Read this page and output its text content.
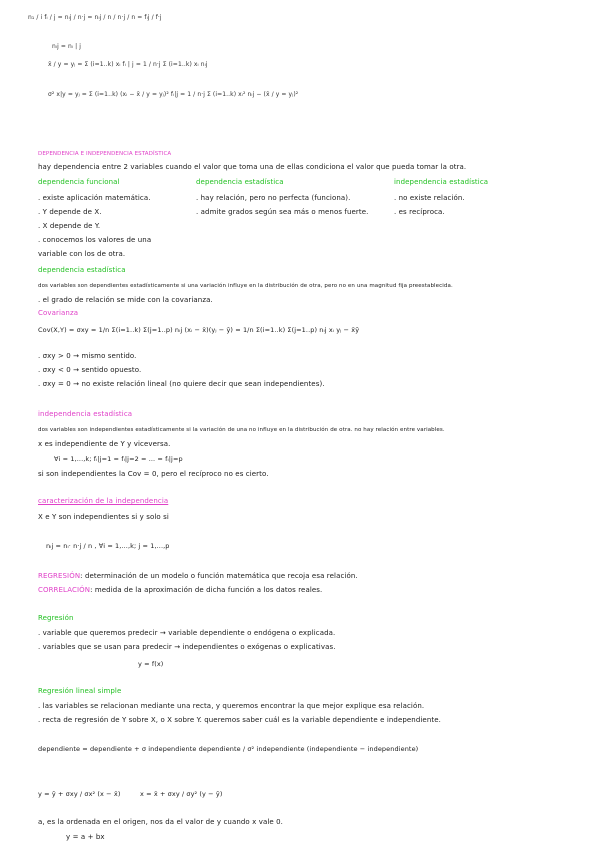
n₁ / i fᵢ / j = nᵢj / n·j = nᵢj / n / n·j / n = fᵢj / f·j
nᵢj = nᵢ | j
x̄ / y = yⱼ = Σ (i=1..k) xᵢ fᵢ | j = 1 / n·j Σ (i=1..k) xᵢ nᵢj
σ² x|y = yⱼ = Σ (i=1..k) (xᵢ − x̄ / y = yⱼ)² fᵢ|j = 1 / n·j Σ (i=1..k) xᵢ² nᵢj − (x̄ / y = yⱼ)²
DEPENDENCIA E INDEPENDENCIA ESTADÍSTICA
hay dependencia entre 2 variables cuando el valor que toma una de ellas condiciona el valor que pueda tomar la otra.
dependencia funcional
. existe aplicación matemática.
. Y depende de X.
. X depende de Y.
. conocemos los valores de una
variable con los de otra.
dependencia estadística
. hay relación, pero no perfecta (funciona).
. admite grados según sea más o menos fuerte.
independencia estadística
. no existe relación.
. es recíproca.
dependencia estadística
dos variables son dependientes estadísticamente si una variación influye en la distribución de otra, pero no en una magnitud fija preestablecida.
. el grado de relación se mide con la covarianza.
Covarianza
Cov(X,Y) = σxy = 1/n Σ(i=1..k) Σ(j=1..p) nᵢj (xᵢ − x̄)(yⱼ − ȳ) = 1/n Σ(i=1..k) Σ(j=1..p) nᵢj xᵢ yⱼ − x̄ȳ
. σxy > 0 → mismo sentido.
. σxy < 0 → sentido opuesto.
. σxy = 0 → no existe relación lineal (no quiere decir que sean independientes).
independencia estadística
dos variables son independientes estadísticamente si la variación de una no influye en la distribución de otra. no hay relación entre variables.
x es independiente de Y y viceversa.
∀i = 1,...,k; fᵢ|j=1 = fᵢ|j=2 = ... = fᵢ|j=p
si son independientes la Cov = 0, pero el recíproco no es cierto.
caracterización de la independencia
X e Y son independientes si y solo si
nᵢj = nᵢ· n·j / n , ∀i = 1,...,k; j = 1,...,p
REGRESIÓN: determinación de un modelo o función matemática que recoja esa relación.
CORRELACIÓN: medida de la aproximación de dicha función a los datos reales.
Regresión
. variable que queremos predecir → variable dependiente o endógena o explicada.
. variables que se usan para predecir → independientes o exógenas o explicativas.
y = f(x)
Regresión lineal simple
. las variables se relacionan mediante una recta, y queremos encontrar la que mejor explique esa relación.
. recta de regresión de Y sobre X, o X sobre Y. queremos saber cuál es la variable dependiente e independiente.
dependiente = dependiente + σ independiente dependiente / σ² independiente (independiente − independiente)
y = ȳ + σxy / σx² (x − x̄)	x = x̄ + σxy / σy² (y − ȳ)
a, es la ordenada en el origen, nos da el valor de y cuando x vale 0.
y = a + bx
